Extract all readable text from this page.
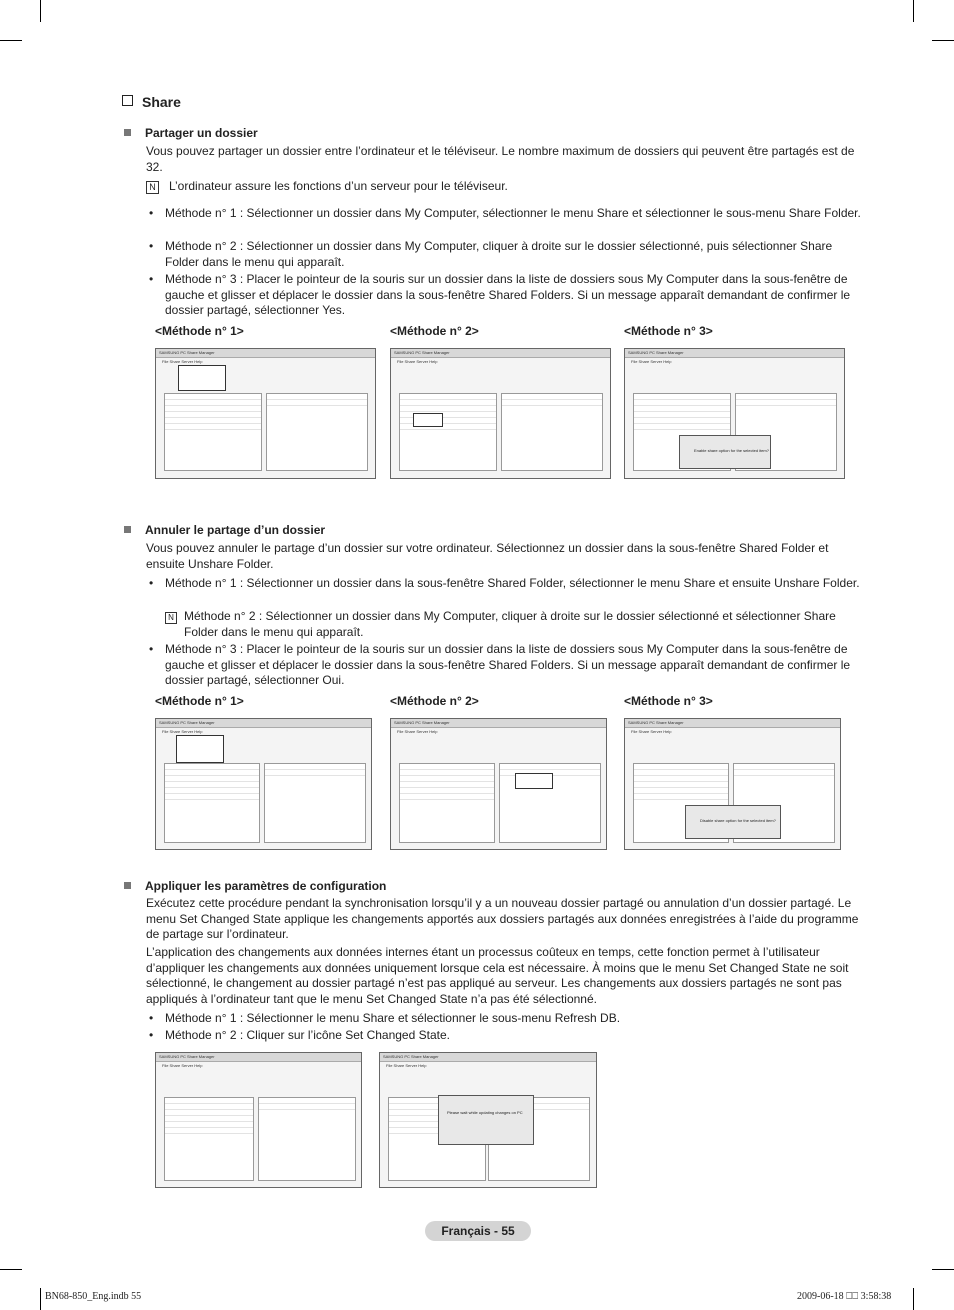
Share
Partager un dossier
Vous pouvez partager un dossier entre l’ordinateur et le téléviseur. Le nombre maximum de dossiers qui peuvent être partagés est de 32.
N L’ordinateur assure les fonctions d’un serveur pour le téléviseur.
• Méthode n° 1 : Sélectionner un dossier dans My Computer, sélectionner le menu Share et sélectionner le sous-menu Share Folder.
• Méthode n° 2 : Sélectionner un dossier dans My Computer, cliquer à droite sur le dossier sélectionné, puis sélectionner Share Folder dans le menu qui apparaît.
• Méthode n° 3 : Placer le pointeur de la souris sur un dossier dans la liste de dossiers sous My Computer dans la sous-fenêtre de gauche et glisser et déplacer le dossier dans la sous-fenêtre Shared Folders. Si un message apparaît demandant de confirmer le dossier partagé, sélectionner Yes.
<Méthode n° 1>	<Méthode n° 2>	<Méthode n° 3>
SAMSUNG PC Share Manager
File Share Server Help
SAMSUNG PC Share Manager
File Share Server Help
SAMSUNG PC Share Manager
File Share Server Help
Enable share option for the selected item?
Annuler le partage d’un dossier
Vous pouvez annuler le partage d’un dossier sur votre ordinateur. Sélectionnez un dossier dans la sous-fenêtre Shared Folder et ensuite Unshare Folder.
• Méthode n° 1 : Sélectionner un dossier dans la sous-fenêtre Shared Folder, sélectionner le menu Share et ensuite Unshare Folder.
N Méthode n° 2 : Sélectionner un dossier dans My Computer, cliquer à droite sur le dossier sélectionné et sélectionner Share Folder dans le menu qui apparaît.
• Méthode n° 3 : Placer le pointeur de la souris sur un dossier dans la liste de dossiers sous My Computer dans la sous-fenêtre de gauche et glisser et déplacer le dossier dans la sous-fenêtre Shared Folders. Si un message apparaît demandant de confirmer le dossier partagé, sélectionner Oui.
<Méthode n° 1>	<Méthode n° 2>	<Méthode n° 3>
SAMSUNG PC Share Manager
File Share Server Help
SAMSUNG PC Share Manager
File Share Server Help
SAMSUNG PC Share Manager
File Share Server Help
Disable share option for the selected item?
Appliquer les paramètres de configuration
Exécutez cette procédure pendant la synchronisation lorsqu’il y a un nouveau dossier partagé ou annulation d’un dossier partagé. Le menu Set Changed State applique les changements apportés aux dossiers partagés aux données enregistrées à l’aide du programme de partage sur l’ordinateur.
L’application des changements aux données internes étant un processus coûteux en temps, cette fonction permet à l’utilisateur d’appliquer les changements aux données uniquement lorsque cela est nécessaire. À moins que le menu Set Changed State ne soit sélectionné, le changement au dossier partagé n’est pas appliqué au serveur. Les changements aux dossiers partagés ne sont pas appliqués à l’ordinateur tant que le menu Set Changed State n’a pas été sélectionné.
• Méthode n° 1 : Sélectionner le menu Share et sélectionner le sous-menu Refresh DB.
• Méthode n° 2 : Cliquer sur l’icône Set Changed State.
SAMSUNG PC Share Manager
File Share Server Help
SAMSUNG PC Share Manager
File Share Server Help
Please wait while updating changes on PC
Français - 55
BN68-850_Eng.indb 55	2009-06-18 ⎕⎕ 3:58:38
